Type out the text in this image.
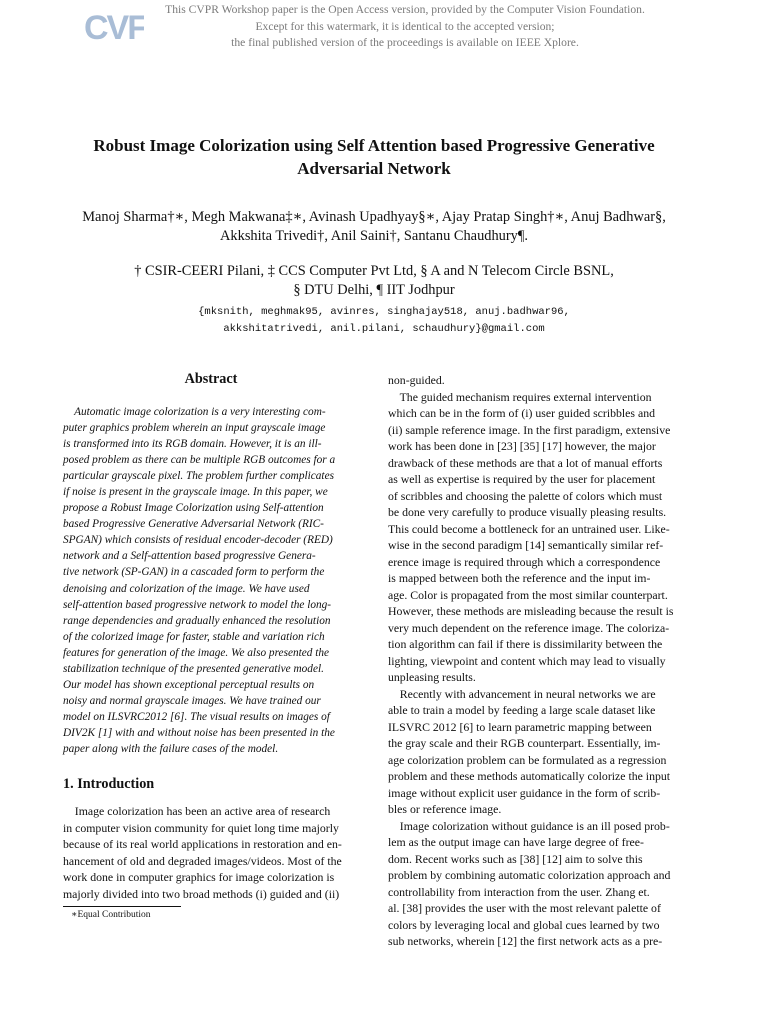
CVF	This CVPR Workshop paper is the Open Access version, provided by the Computer Vision Foundation.
Except for this watermark, it is identical to the accepted version;
the final published version of the proceedings is available on IEEE Xplore.
Robust Image Colorization using Self Attention based Progressive Generative
Adversarial Network
Manoj Sharma†∗, Megh Makwana‡∗, Avinash Upadhyay§∗, Ajay Pratap Singh†∗, Anuj Badhwar§,
Akkshita Trivedi†, Anil Saini†, Santanu Chaudhury¶.
† CSIR-CEERI Pilani, ‡ CCS Computer Pvt Ltd, § A and N Telecom Circle BSNL,
§ DTU Delhi, ¶ IIT Jodhpur
{mksnith, meghmak95, avinres, singhajay518, anuj.badhwar96,
akkshitatrivedi, anil.pilani, schaudhury}@gmail.com
Abstract
Automatic image colorization is a very interesting com-
puter graphics problem wherein an input grayscale image
is transformed into its RGB domain. However, it is an ill-
posed problem as there can be multiple RGB outcomes for a
particular grayscale pixel. The problem further complicates
if noise is present in the grayscale image. In this paper, we
propose a Robust Image Colorization using Self-attention
based Progressive Generative Adversarial Network (RIC-
SPGAN) which consists of residual encoder-decoder (RED)
network and a Self-attention based progressive Genera-
tive network (SP-GAN) in a cascaded form to perform the
denoising and colorization of the image. We have used
self-attention based progressive network to model the long-
range dependencies and gradually enhanced the resolution
of the colorized image for faster, stable and variation rich
features for generation of the image. We also presented the
stabilization technique of the presented generative model.
Our model has shown exceptional perceptual results on
noisy and normal grayscale images. We have trained our
model on ILSVRC2012 [6]. The visual results on images of
DIV2K [1] with and without noise has been presented in the
paper along with the failure cases of the model.
1. Introduction
Image colorization has been an active area of research
in computer vision community for quiet long time majorly
because of its real world applications in restoration and en-
hancement of old and degraded images/videos. Most of the
work done in computer graphics for image colorization is
majorly divided into two broad methods (i) guided and (ii)
∗Equal Contribution
non-guided.
The guided mechanism requires external intervention
which can be in the form of (i) user guided scribbles and
(ii) sample reference image. In the first paradigm, extensive
work has been done in [23] [35] [17] however, the major
drawback of these methods are that a lot of manual efforts
as well as expertise is required by the user for placement
of scribbles and choosing the palette of colors which must
be done very carefully to produce visually pleasing results.
This could become a bottleneck for an untrained user. Like-
wise in the second paradigm [14] semantically similar ref-
erence image is required through which a correspondence
is mapped between both the reference and the input im-
age. Color is propagated from the most similar counterpart.
However, these methods are misleading because the result is
very much dependent on the reference image. The coloriza-
tion algorithm can fail if there is dissimilarity between the
lighting, viewpoint and content which may lead to visually
unpleasing results.
Recently with advancement in neural networks we are
able to train a model by feeding a large scale dataset like
ILSVRC 2012 [6] to learn parametric mapping between
the gray scale and their RGB counterpart. Essentially, im-
age colorization problem can be formulated as a regression
problem and these methods automatically colorize the input
image without explicit user guidance in the form of scrib-
bles or reference image.
Image colorization without guidance is an ill posed prob-
lem as the output image can have large degree of free-
dom. Recent works such as [38] [12] aim to solve this
problem by combining automatic colorization approach and
controllability from interaction from the user. Zhang et.
al. [38] provides the user with the most relevant palette of
colors by leveraging local and global cues learned by two
sub networks, wherein [12] the first network acts as a pre-
